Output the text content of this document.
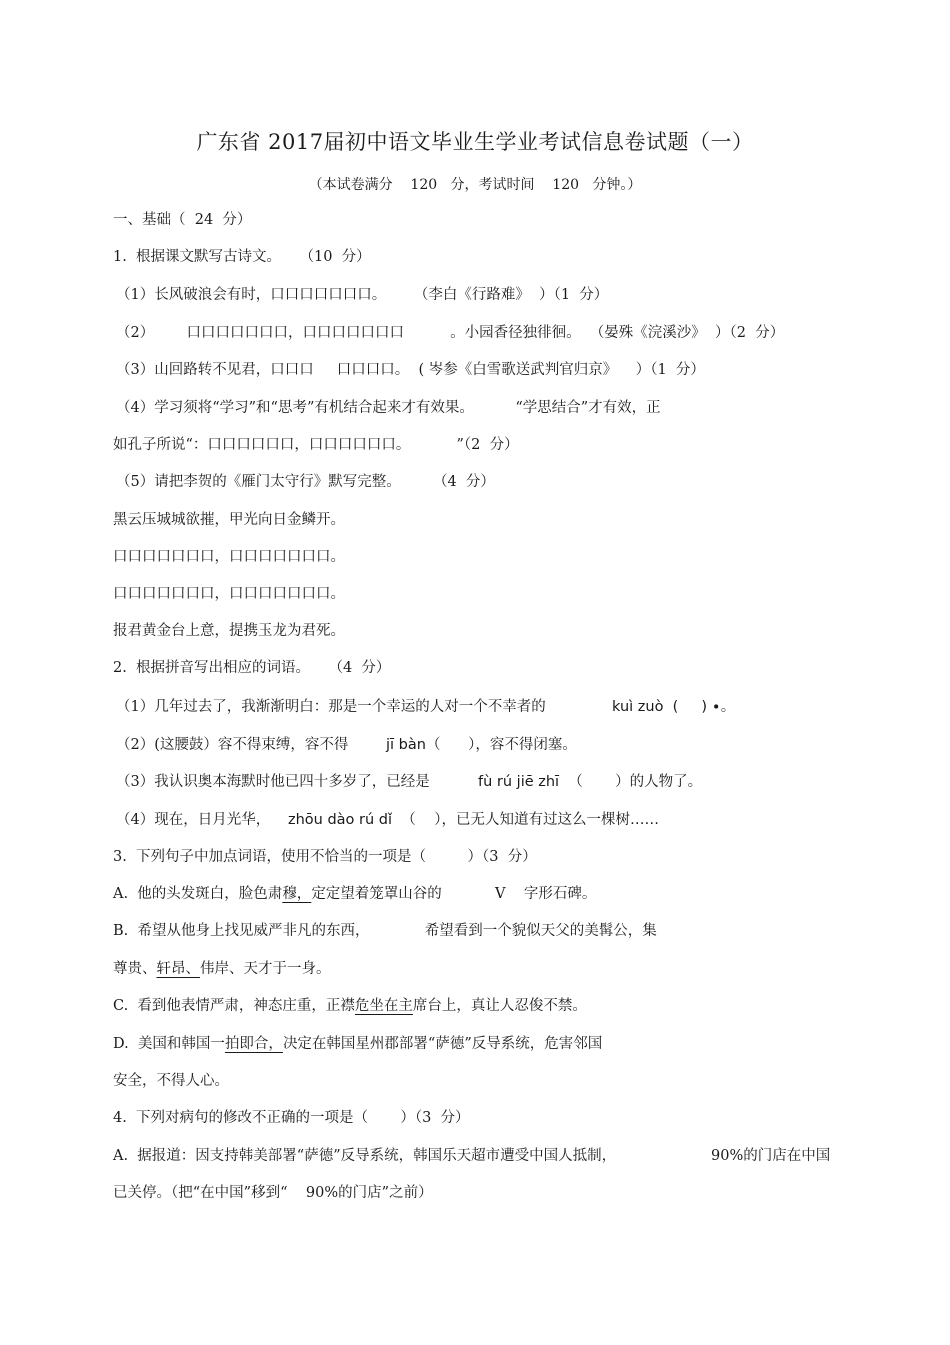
广东省 2017届初中语文毕业生学业考试信息卷试题（一）
（本试卷满分    120   分，考试时间    120   分钟。）
一、基础（  24  分）
1.  根据课文默写古诗文。    （10  分）
（1）长风破浪会有时，口口口口口口口。      （李白《行路难》  ）（1  分）
（2）       口口口口口口口，口口口口口口口          。小园香径独徘徊。  （晏殊《浣溪沙》  ）（2  分）
（3）山回路转不见君，口口口     口口口口。  ( 岑参《白雪歌送武判官归京》    ）（1  分）
（4）学习须将“学习”和“思考”有机结合起来才有效果。         “学思结合”才有效，正
如孔子所说“：口口口口口口，口口口口口口。          ”（2  分）
（5）请把李贺的《雁门太守行》默写完整。       （4  分）
黑云压城城欲摧，甲光向日金鳞开。
口口口口口口口，口口口口口口口。
口口口口口口口，口口口口口口口。
报君黄金台上意，提携玉龙为君死。
2.  根据拼音写出相应的词语。    （4  分）
（1）几年过去了，我渐渐明白：那是一个幸运的人对一个不幸者的	kuì zuò  (     ) ∙。
（2）(这腰鼓）容不得束缚，容不得	jī bàn（      ），容不得闭塞。
（3）我认识奥本海默时他已四十多岁了，已经是	fù rú jiē zhī  （       ）的人物了。
（4）现在，日月光华， zhōu dào rú dǐ  （    ），已无人知道有过这么一棵树……
3.  下列句子中加点词语，使用不恰当的一项是（         ）（3  分）
A.  他的头发斑白，脸色肃穆，定定望着笼罩山谷的	V    字形石碑。
B.  希望从他身上找见威严非凡的东西，            希望看到一个貌似天父的美髯公，集
尊贵、轩昂、伟岸、天才于一身。
C.  看到他表情严肃，神态庄重，正襟危坐在主席台上，真让人忍俊不禁。
D.  美国和韩国一拍即合，决定在韩国星州郡部署“萨德”反导系统，危害邻国
安全，不得人心。
4.  下列对病句的修改不正确的一项是（       ）（3  分）
A.  据报道：因支持韩美部署“萨德”反导系统，韩国乐天超市遭受中国人抵制，	90%的门店在中国
已关停。（把“在中国”移到“    90%的门店”之前）
